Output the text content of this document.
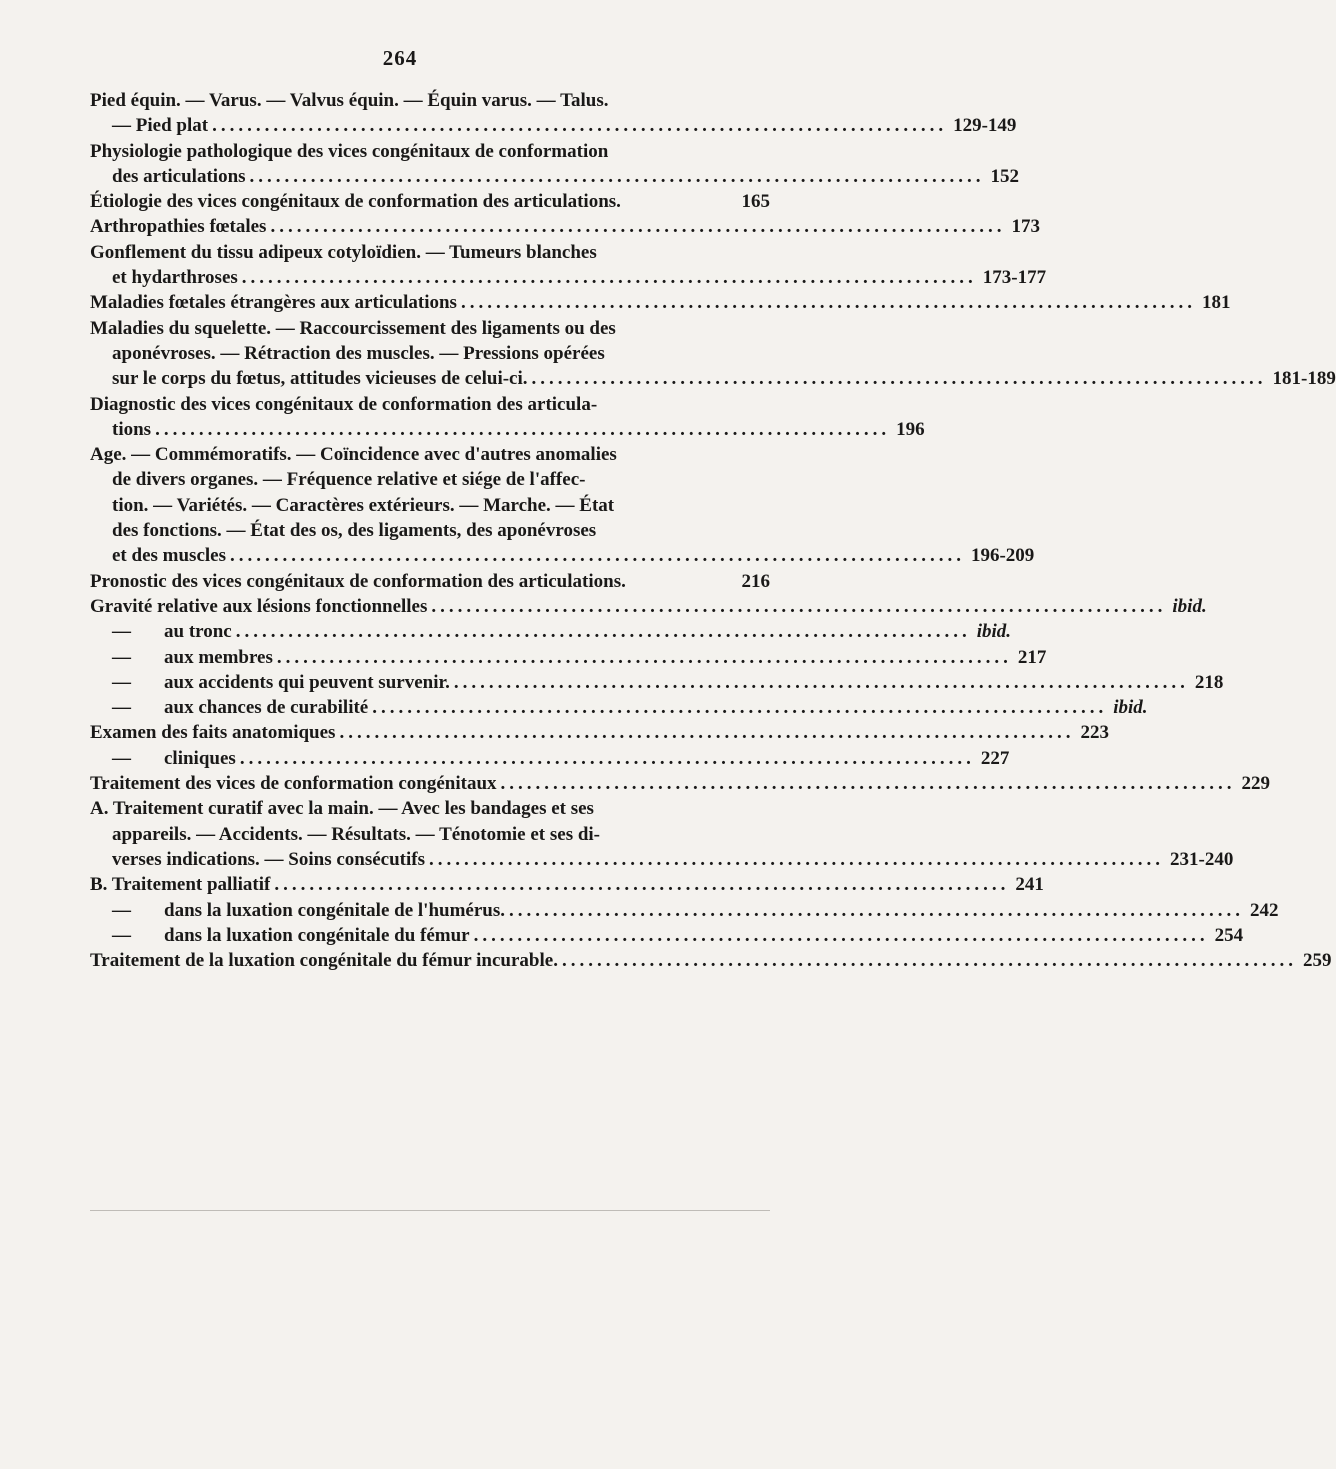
264
Pied équin. — Varus. — Valvus équin. — Équin varus. — Talus.
— Pied plat .................................................................................... 129-149
Physiologie pathologique des vices congénitaux de conformation
des articulations .................................................................................... 152
Étiologie des vices congénitaux de conformation des articulations.	165
Arthropathies fœtales .................................................................................... 173
Gonflement du tissu adipeux cotyloïdien. — Tumeurs blanches
et hydarthroses .................................................................................... 173-177
Maladies fœtales étrangères aux articulations .................................................................................... 181
Maladies du squelette. — Raccourcissement des ligaments ou des
aponévroses. — Rétraction des muscles. — Pressions opérées
sur le corps du fœtus, attitudes vicieuses de celui-ci. .................................................................................... 181-189
Diagnostic des vices congénitaux de conformation des articula-
tions .................................................................................... 196
Age. — Commémoratifs. — Coïncidence avec d'autres anomalies
de divers organes. — Fréquence relative et siége de l'affec-
tion. — Variétés. — Caractères extérieurs. — Marche. — État
des fonctions. — État des os, des ligaments, des aponévroses
et des muscles .................................................................................... 196-209
Pronostic des vices congénitaux de conformation des articulations.	216
Gravité relative aux lésions fonctionnelles .................................................................................... ibid.
— au tronc .................................................................................... ibid.
— aux membres .................................................................................... 217
— aux accidents qui peuvent survenir. .................................................................................... 218
— aux chances de curabilité .................................................................................... ibid.
Examen des faits anatomiques .................................................................................... 223
— cliniques .................................................................................... 227
Traitement des vices de conformation congénitaux .................................................................................... 229
A. Traitement curatif avec la main. — Avec les bandages et ses
appareils. — Accidents. — Résultats. — Ténotomie et ses di-
verses indications. — Soins consécutifs .................................................................................... 231-240
B. Traitement palliatif .................................................................................... 241
— dans la luxation congénitale de l'humérus. .................................................................................... 242
— dans la luxation congénitale du fémur .................................................................................... 254
Traitement de la luxation congénitale du fémur incurable. .................................................................................... 259
